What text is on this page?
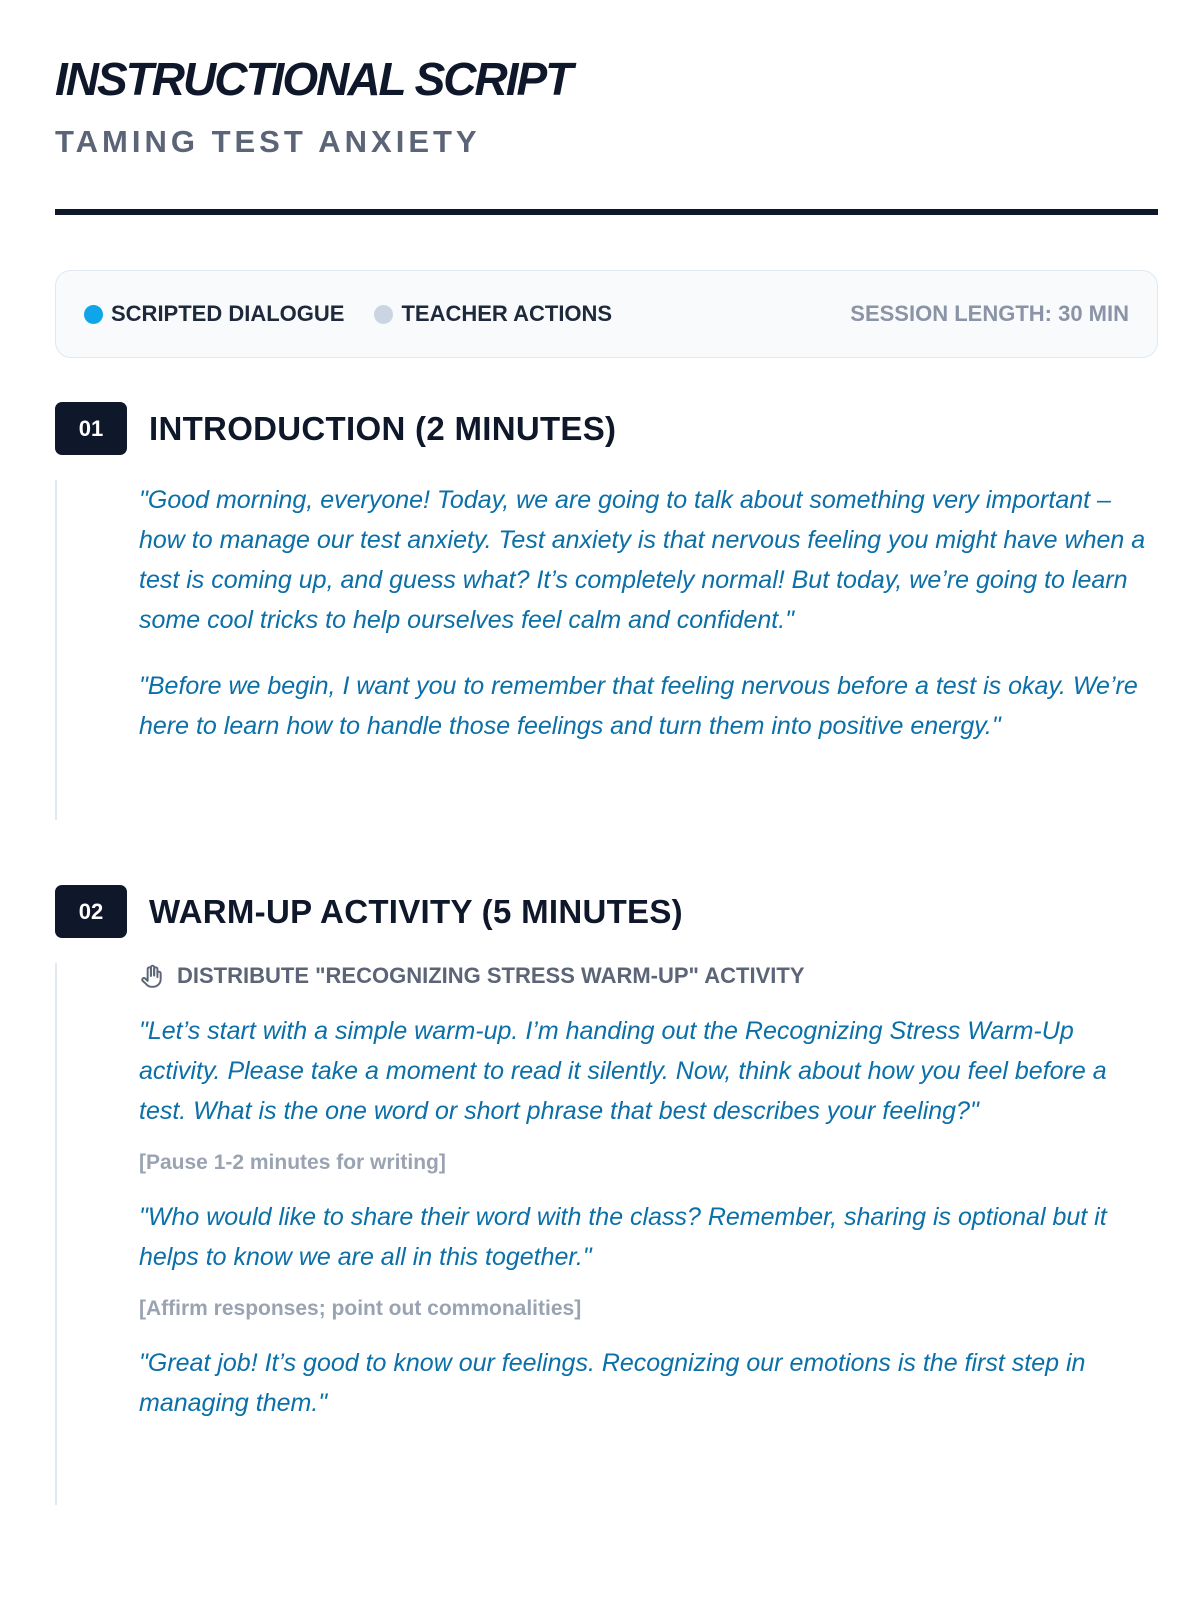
INSTRUCTIONAL SCRIPT
TAMING TEST ANXIETY
SCRIPTED DIALOGUE	TEACHER ACTIONS	SESSION LENGTH: 30 MIN
01	INTRODUCTION (2 MINUTES)

"Good morning, everyone! Today, we are going to talk about something very important – how to manage our test anxiety. Test anxiety is that nervous feeling you might have when a test is coming up, and guess what? It’s completely normal! But today, we’re going to learn some cool tricks to help ourselves feel calm and confident."

"Before we begin, I want you to remember that feeling nervous before a test is okay. We’re here to learn how to handle those feelings and turn them into positive energy."

02	WARM-UP ACTIVITY (5 MINUTES)
DISTRIBUTE "RECOGNIZING STRESS WARM-UP" ACTIVITY

"Let’s start with a simple warm-up. I’m handing out the Recognizing Stress Warm-Up activity. Please take a moment to read it silently. Now, think about how you feel before a test. What is the one word or short phrase that best describes your feeling?"

[Pause 1-2 minutes for writing]

"Who would like to share their word with the class? Remember, sharing is optional but it helps to know we are all in this together."

[Affirm responses; point out commonalities]

"Great job! It’s good to know our feelings. Recognizing our emotions is the first step in managing them."
